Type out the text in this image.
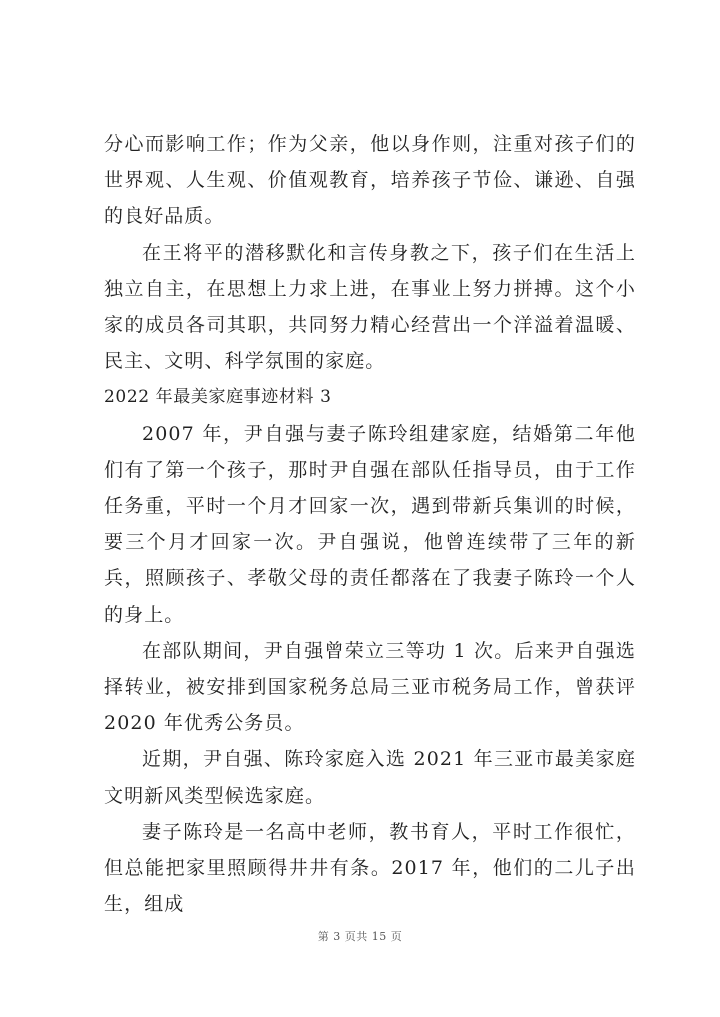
分心而影响工作；作为父亲，他以身作则，注重对孩子们的世界观、人生观、价值观教育，培养孩子节俭、谦逊、自强的良好品质。

在王将平的潜移默化和言传身教之下，孩子们在生活上独立自主，在思想上力求上进，在事业上努力拼搏。这个小家的成员各司其职，共同努力精心经营出一个洋溢着温暖、民主、文明、科学氛围的家庭。

2022 年最美家庭事迹材料 3

2007 年，尹自强与妻子陈玲组建家庭，结婚第二年他们有了第一个孩子，那时尹自强在部队任指导员，由于工作任务重，平时一个月才回家一次，遇到带新兵集训的时候，要三个月才回家一次。尹自强说，他曾连续带了三年的新兵，照顾孩子、孝敬父母的责任都落在了我妻子陈玲一个人的身上。

在部队期间，尹自强曾荣立三等功 1 次。后来尹自强选择转业，被安排到国家税务总局三亚市税务局工作，曾获评 2020 年优秀公务员。

近期，尹自强、陈玲家庭入选 2021 年三亚市最美家庭文明新风类型候选家庭。

妻子陈玲是一名高中老师，教书育人，平时工作很忙，但总能把家里照顾得井井有条。2017 年，他们的二儿子出生，组成

第 3 页共 15 页
